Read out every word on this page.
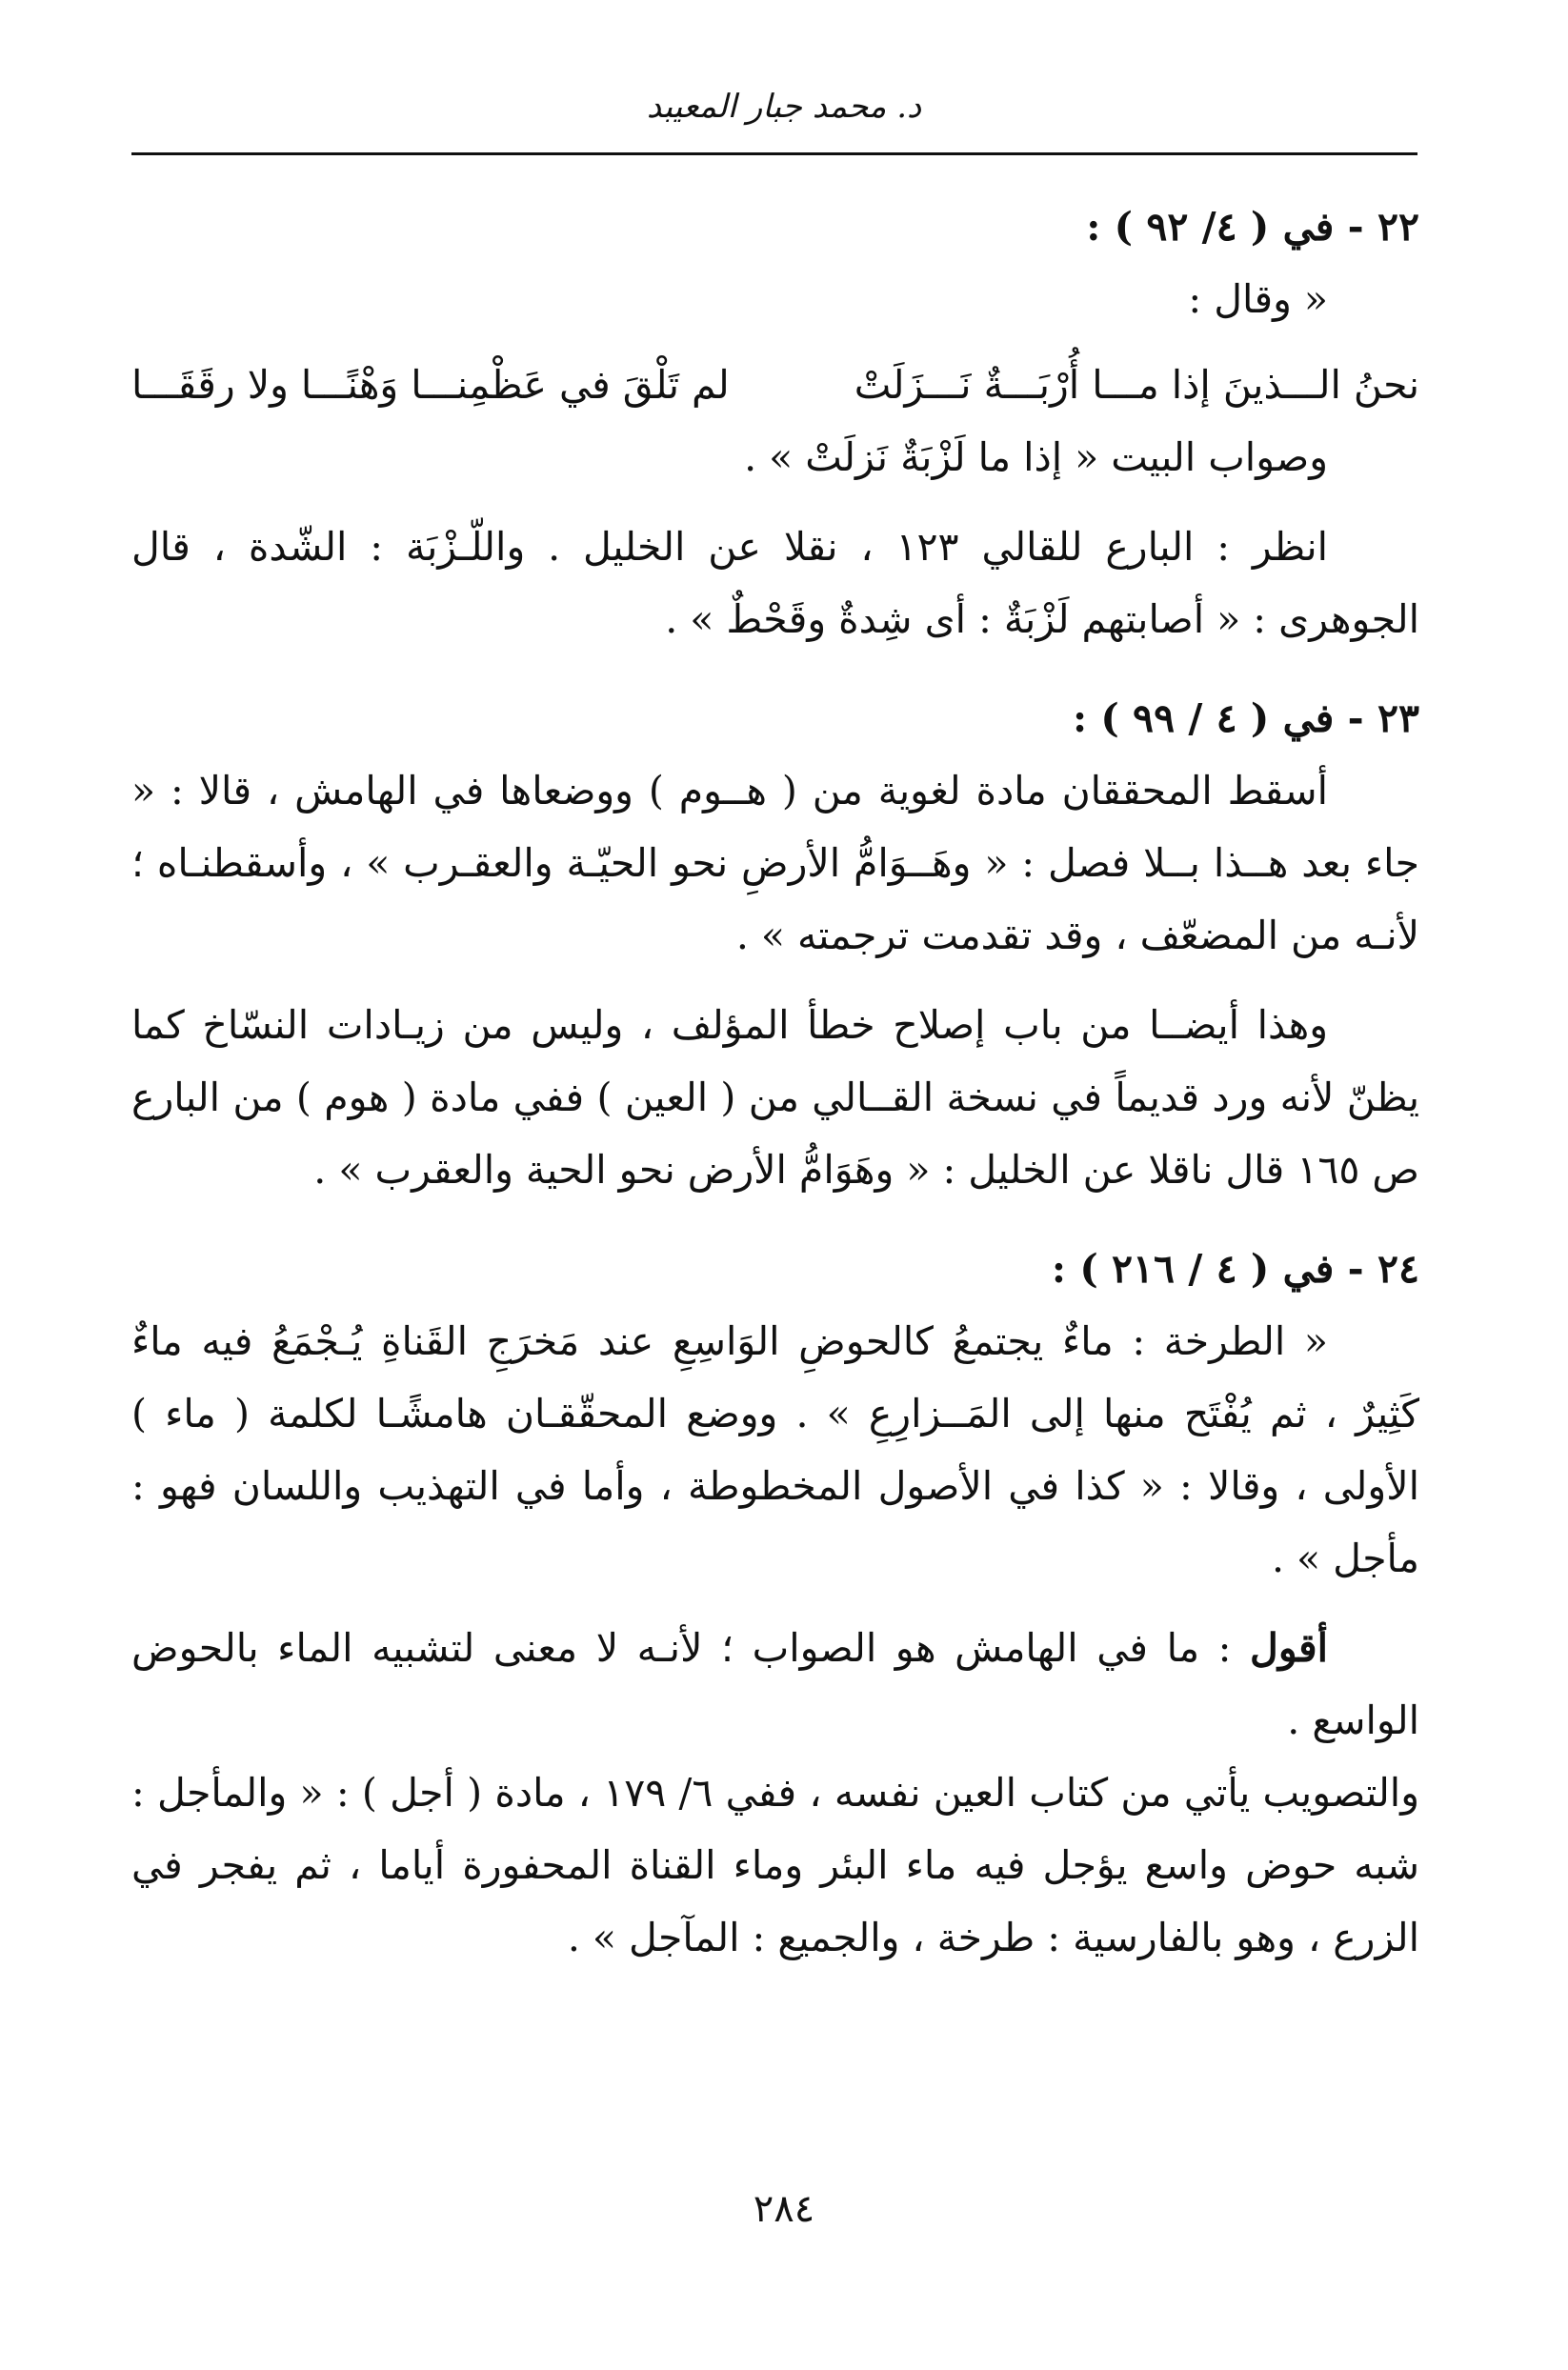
د. محمد جبار المعيبد

٢٢ - في ( ٤/ ٩٢ ) :

« وقال :

نحنُ الـــذينَ إذا مـــا أُرْبَـــةٌ نَـــزَلَتْ
لم تَلْقَ في عَظْمِنـــا وَهْنًـــا ولا رقَقَـــا

وصواب البيت « إذا ما لَزْبَةٌ نَزلَتْ » .

انظر : البارع للقالي ١٢٣ ، نقلا عن الخليل . واللّـزْبَة : الشّدة ، قال الجوهرى : « أصابتهم لَزْبَةٌ : أى شِدةٌ وقَحْطٌ » .

٢٣ - في ( ٤ / ٩٩ ) :

أسقط المحققان مادة لغوية من ( هــوم ) ووضعاها في الهامش ، قالا : « جاء بعد هــذا بــلا فصل : « وهَــوَامُّ الأرضِ نحو الحيّـة والعقـرب » ، وأسقطنـاه ؛ لأنـه من المضعّف ، وقد تقدمت ترجمته » .

وهذا أيضــا من باب إصلاح خطأ المؤلف ، وليس من زيـادات النسّاخ كما يظنّ لأنه ورد قديماً في نسخة القــالي من ( العين ) ففي مادة ( هوم ) من البارع ص ١٦٥ قال ناقلا عن الخليل : « وهَوَامُّ الأرض نحو الحية والعقرب » .

٢٤ - في ( ٤ / ٢١٦ ) :

« الطرخة : ماءٌ يجتمعُ كالحوضِ الوَاسِعِ عند مَخرَجِ القَناةِ يُـجْمَعُ فيه ماءٌ كَثِيرٌ ، ثم يُفْتَح منها إلى المَــزارِعِ » . ووضع المحقّقـان هامشًـا لكلمة ( ماء ) الأولى ، وقالا : « كذا في الأصول المخطوطة ، وأما في التهذيب واللسان فهو : مأجل » .

أقول : ما في الهامش هو الصواب ؛ لأنـه لا معنى لتشبيه الماء بالحوض الواسع .

والتصويب يأتي من كتاب العين نفسه ، ففي ٦/ ١٧٩ ، مادة ( أجل ) : « والمأجل : شبه حوض واسع يؤجل فيه ماء البئر وماء القناة المحفورة أياما ، ثم يفجر في الزرع ، وهو بالفارسية : طرخة ، والجميع : المآجل » .

٢٨٤
